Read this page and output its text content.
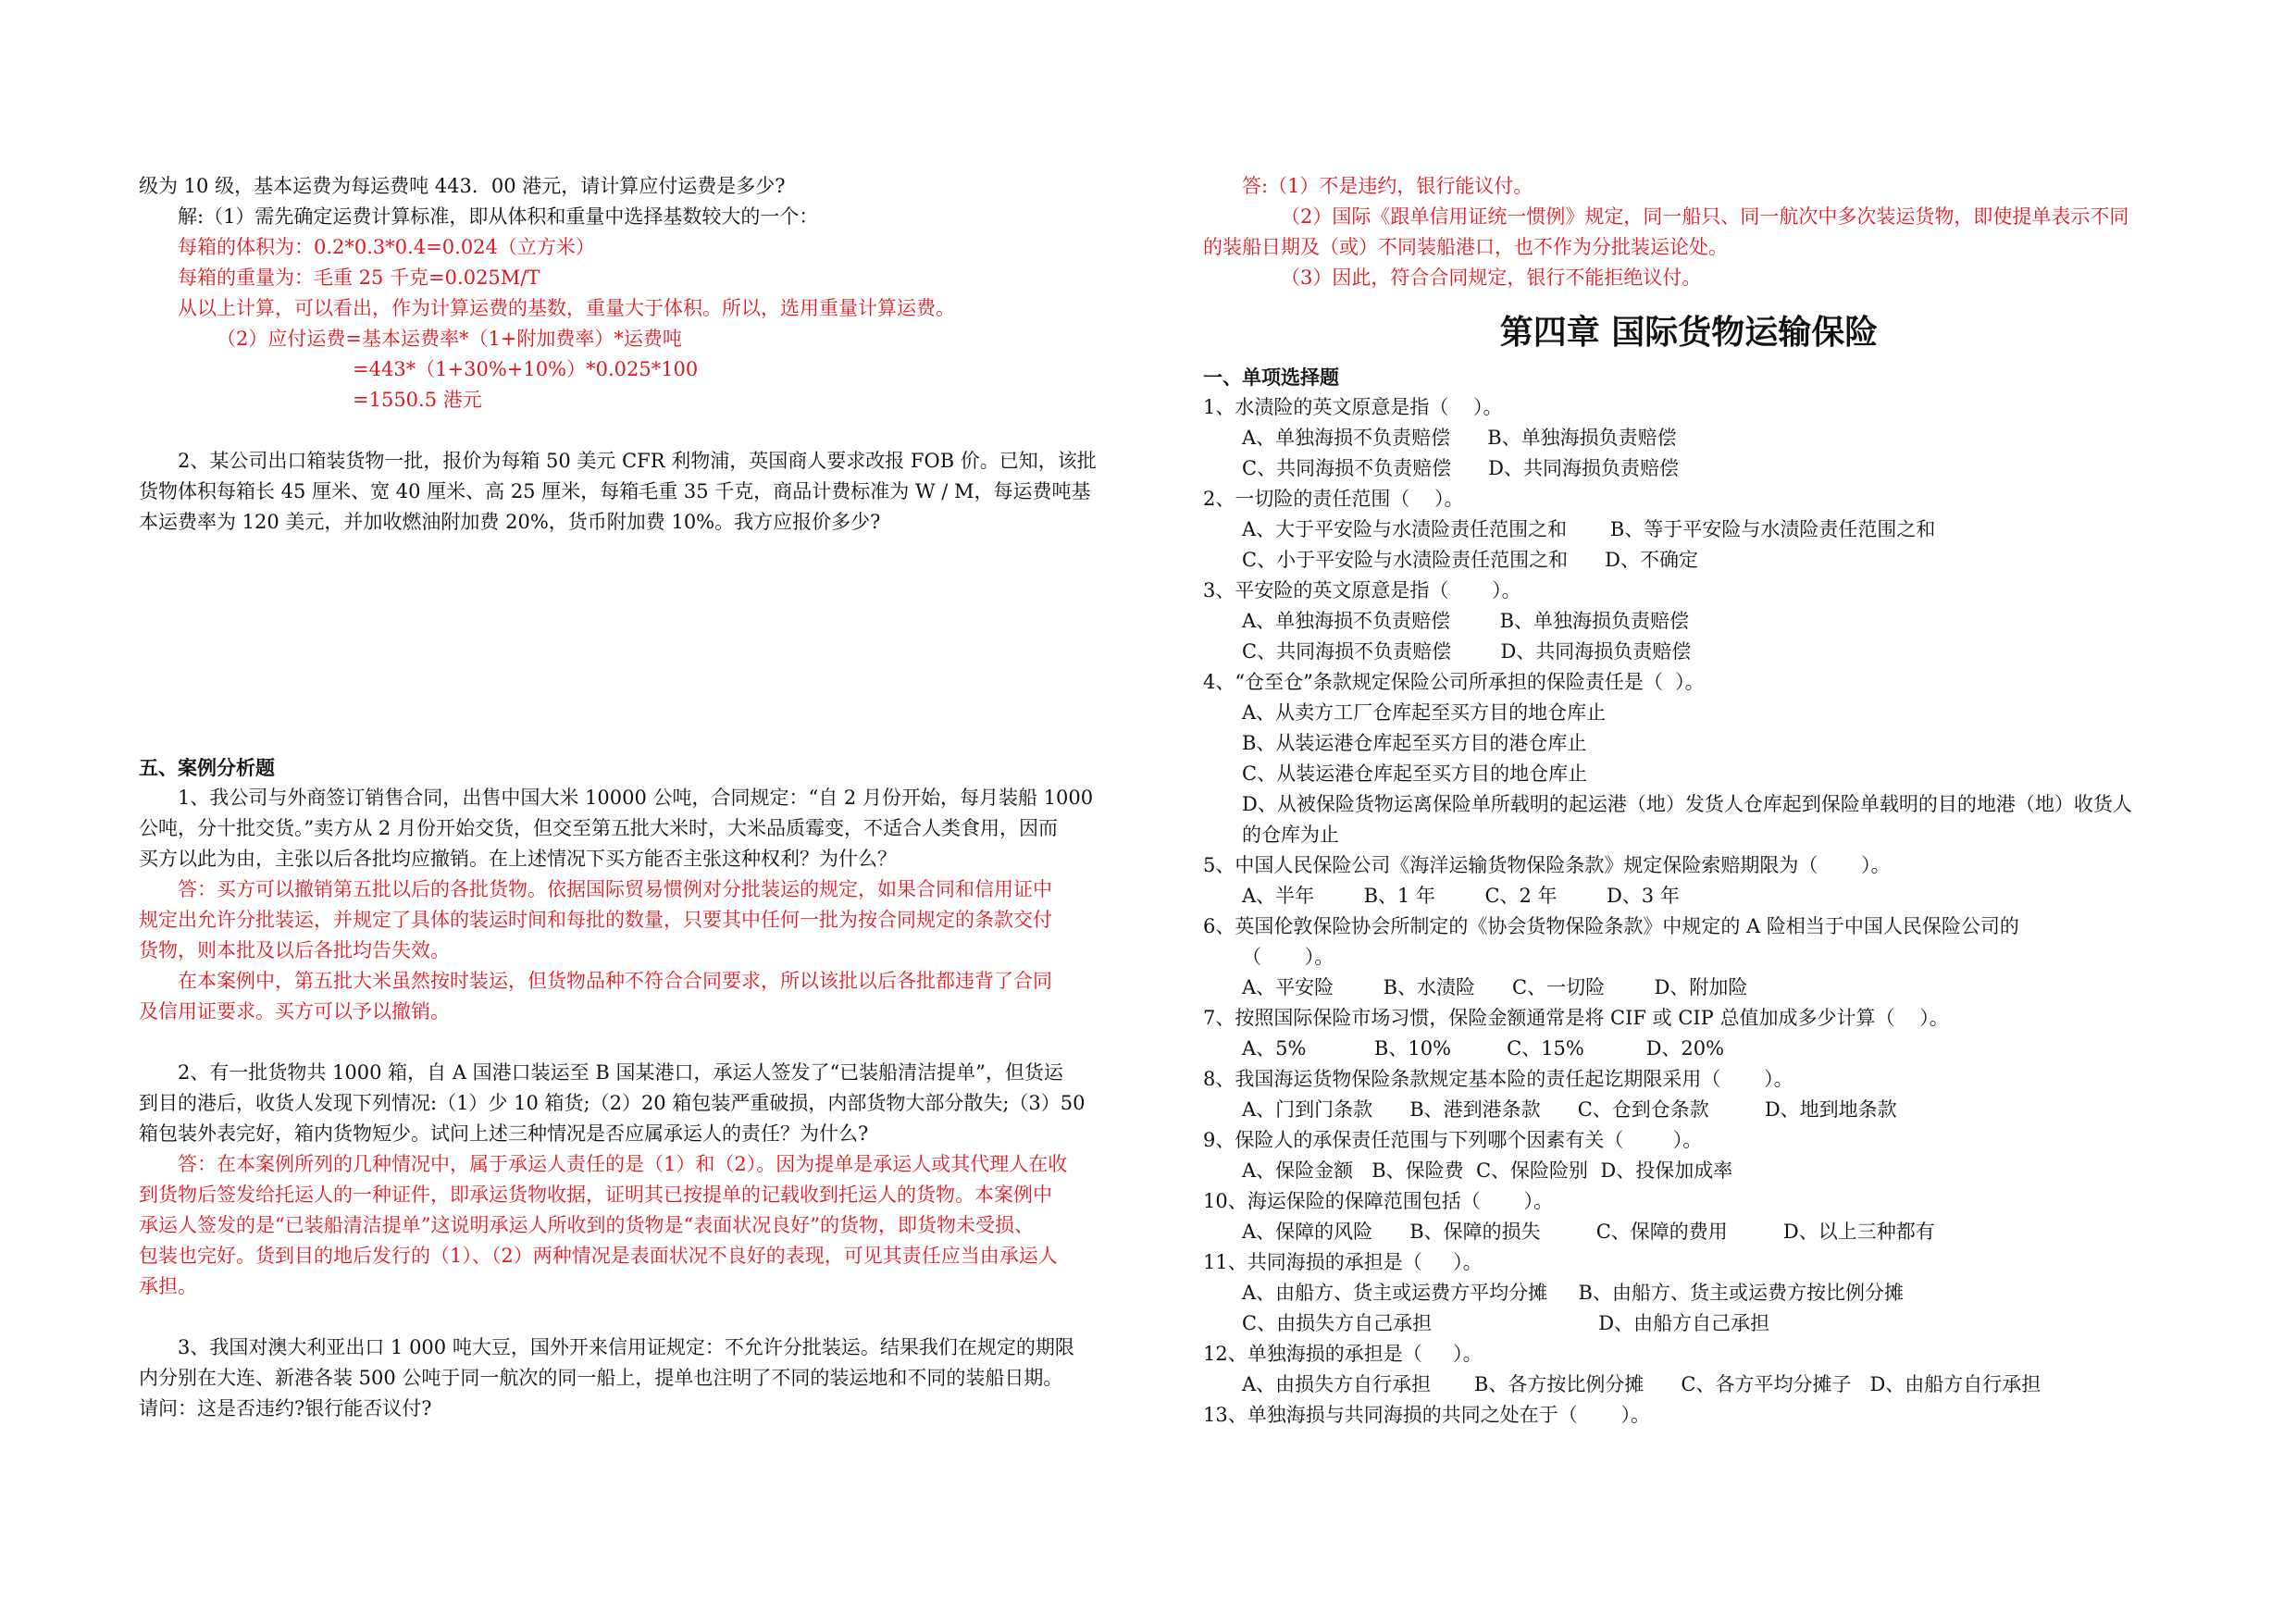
级为 10 级，基本运费为每运费吨 443．00 港元，请计算应付运费是多少?
解:（1）需先确定运费计算标准，即从体积和重量中选择基数较大的一个：
每箱的体积为：0.2*0.3*0.4=0.024（立方米）
每箱的重量为：毛重 25 千克=0.025M/T
从以上计算，可以看出，作为计算运费的基数，重量大于体积。所以，选用重量计算运费。
（2）应付运费=基本运费率*（1+附加费率）*运费吨
=443*（1+30%+10%）*0.025*100
=1550.5 港元
2、某公司出口箱装货物一批，报价为每箱 50 美元 CFR 利物浦，英国商人要求改报 FOB 价。已知，该批
货物体积每箱长 45 厘米、宽 40 厘米、高 25 厘米，每箱毛重 35 千克，商品计费标准为 W / M，每运费吨基
本运费率为 120 美元，并加收燃油附加费 20%，货币附加费 10%。我方应报价多少?
五、案例分析题
1、我公司与外商签订销售合同，出售中国大米 10000 公吨，合同规定：“自 2 月份开始，每月装船 1000
公吨，分十批交货。”卖方从 2 月份开始交货，但交至第五批大米时，大米品质霉变，不适合人类食用，因而
买方以此为由，主张以后各批均应撤销。在上述情况下买方能否主张这种权利？为什么？
答：买方可以撤销第五批以后的各批货物。依据国际贸易惯例对分批装运的规定，如果合同和信用证中
规定出允许分批装运，并规定了具体的装运时间和每批的数量，只要其中任何一批为按合同规定的条款交付
货物，则本批及以后各批均告失效。
在本案例中，第五批大米虽然按时装运，但货物品种不符合合同要求，所以该批以后各批都违背了合同
及信用证要求。买方可以予以撤销。
2、有一批货物共 1000 箱，自 A 国港口装运至 B 国某港口，承运人签发了“已装船清洁提单”，但货运
到目的港后，收货人发现下列情况:（1）少 10 箱货;（2）20 箱包装严重破损，内部货物大部分散失;（3）50
箱包装外表完好，箱内货物短少。试问上述三种情况是否应属承运人的责任？为什么?
答：在本案例所列的几种情况中，属于承运人责任的是（1）和（2）。因为提单是承运人或其代理人在收
到货物后签发给托运人的一种证件，即承运货物收据，证明其已按提单的记载收到托运人的货物。本案例中
承运人签发的是“已装船清洁提单”这说明承运人所收到的货物是“表面状况良好”的货物，即货物未受损、
包装也完好。货到目的地后发行的（1）、（2）两种情况是表面状况不良好的表现，可见其责任应当由承运人
承担。
3、我国对澳大利亚出口 1 000 吨大豆，国外开来信用证规定：不允许分批装运。结果我们在规定的期限
内分别在大连、新港各装 500 公吨于同一航次的同一船上，提单也注明了不同的装运地和不同的装船日期。
请问：这是否违约?银行能否议付?
答:（1）不是违约，银行能议付。
（2）国际《跟单信用证统一惯例》规定，同一船只、同一航次中多次装运货物，即使提单表示不同
的装船日期及（或）不同装船港口，也不作为分批装运论处。
（3）因此，符合合同规定，银行不能拒绝议付。
第四章 国际货物运输保险
一、单项选择题
1、水渍险的英文原意是指（    ）。
A、单独海损不负责赔偿      B、单独海损负责赔偿
C、共同海损不负责赔偿      D、共同海损负责赔偿
2、一切险的责任范围（    ）。
A、大于平安险与水渍险责任范围之和       B、等于平安险与水渍险责任范围之和
C、小于平安险与水渍险责任范围之和      D、不确定
3、平安险的英文原意是指（       ）。
A、单独海损不负责赔偿        B、单独海损负责赔偿
C、共同海损不负责赔偿        D、共同海损负责赔偿
4、“仓至仓”条款规定保险公司所承担的保险责任是（  ）。
A、从卖方工厂仓库起至买方目的地仓库止
B、从装运港仓库起至买方目的港仓库止
C、从装运港仓库起至买方目的地仓库止
D、从被保险货物运离保险单所载明的起运港（地）发货人仓库起到保险单载明的目的地港（地）收货人
的仓库为止
5、中国人民保险公司《海洋运输货物保险条款》规定保险索赔期限为（       ）。
A、半年        B、1 年        C、2 年        D、3 年
6、英国伦敦保险协会所制定的《协会货物保险条款》中规定的 A 险相当于中国人民保险公司的
（       ）。
A、平安险        B、水渍险      C、一切险        D、附加险
7、按照国际保险市场习惯，保险金额通常是将 CIF 或 CIP 总值加成多少计算（    ）。
A、5%           B、10%         C、15%          D、20%
8、我国海运货物保险条款规定基本险的责任起讫期限采用（       ）。
A、门到门条款      B、港到港条款      C、仓到仓条款         D、地到地条款
9、保险人的承保责任范围与下列哪个因素有关（        ）。
A、保险金额   B、保险费  C、保险险别  D、投保加成率
10、海运保险的保障范围包括（       ）。
A、保障的风险      B、保障的损失         C、保障的费用         D、以上三种都有
11、共同海损的承担是（     ）。
A、由船方、货主或运费方平均分摊     B、由船方、货主或运费方按比例分摊
C、由损失方自己承担                           D、由船方自己承担
12、单独海损的承担是（     ）。
A、由损失方自行承担       B、各方按比例分摊      C、各方平均分摊子   D、由船方自行承担
13、单独海损与共同海损的共同之处在于（       ）。
